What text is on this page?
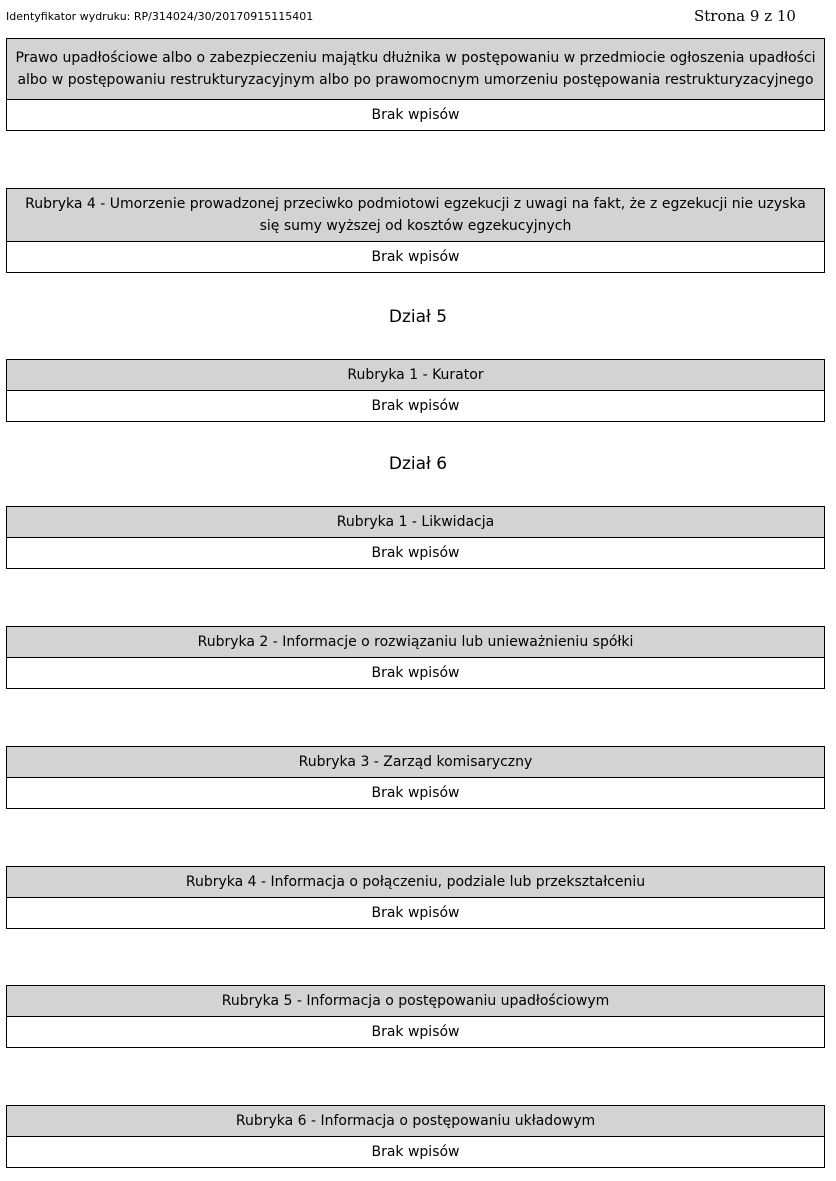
Identyfikator wydruku: RP/314024/30/20170915115401	Strona 9 z 10
Prawo upadłościowe albo o zabezpieczeniu majątku dłużnika w postępowaniu w przedmiocie ogłoszenia upadłości albo w postępowaniu restrukturyzacyjnym albo po prawomocnym umorzeniu postępowania restrukturyzacyjnego
Brak wpisów
Rubryka 4 - Umorzenie prowadzonej przeciwko podmiotowi egzekucji z uwagi na fakt, że z egzekucji nie uzyska się sumy wyższej od kosztów egzekucyjnych
Brak wpisów
Dział 5
Rubryka 1 - Kurator
Brak wpisów
Dział 6
Rubryka 1 - Likwidacja
Brak wpisów
Rubryka 2 - Informacje o rozwiązaniu lub unieważnieniu spółki
Brak wpisów
Rubryka 3 - Zarząd komisaryczny
Brak wpisów
Rubryka 4 - Informacja o połączeniu, podziale lub przekształceniu
Brak wpisów
Rubryka 5 - Informacja o postępowaniu upadłościowym
Brak wpisów
Rubryka 6 - Informacja o postępowaniu układowym
Brak wpisów
